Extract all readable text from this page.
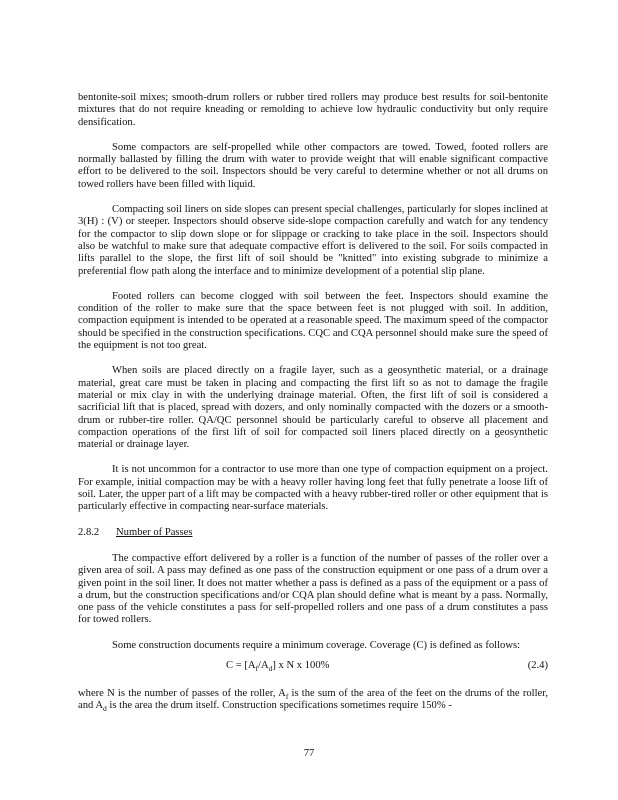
bentonite-soil mixes; smooth-drum rollers or rubber tired rollers may produce best results for soil-bentonite mixtures that do not require kneading or remolding to achieve low hydraulic conductivity but only require densification.

Some compactors are self-propelled while other compactors are towed. Towed, footed rollers are normally ballasted by filling the drum with water to provide weight that will enable significant compactive effort to be delivered to the soil. Inspectors should be very careful to determine whether or not all drums on towed rollers have been filled with liquid.

Compacting soil liners on side slopes can present special challenges, particularly for slopes inclined at 3(H) : (V) or steeper. Inspectors should observe side-slope compaction carefully and watch for any tendency for the compactor to slip down slope or for slippage or cracking to take place in the soil. Inspectors should also be watchful to make sure that adequate compactive effort is delivered to the soil. For soils compacted in lifts parallel to the slope, the first lift of soil should be "knitted" into existing subgrade to minimize a preferential flow path along the interface and to minimize development of a potential slip plane.

Footed rollers can become clogged with soil between the feet. Inspectors should examine the condition of the roller to make sure that the space between feet is not plugged with soil. In addition, compaction equipment is intended to be operated at a reasonable speed. The maximum speed of the compactor should be specified in the construction specifications. CQC and CQA personnel should make sure the speed of the equipment is not too great.

When soils are placed directly on a fragile layer, such as a geosynthetic material, or a drainage material, great care must be taken in placing and compacting the first lift so as not to damage the fragile material or mix clay in with the underlying drainage material. Often, the first lift of soil is considered a sacrificial lift that is placed, spread with dozers, and only nominally compacted with the dozers or a smooth-drum or rubber-tire roller. QA/QC personnel should be particularly careful to observe all placement and compaction operations of the first lift of soil for compacted soil liners placed directly on a geosynthetic material or drainage layer.

It is not uncommon for a contractor to use more than one type of compaction equipment on a project. For example, initial compaction may be with a heavy roller having long feet that fully penetrate a loose lift of soil. Later, the upper part of a lift may be compacted with a heavy rubber-tired roller or other equipment that is particularly effective in compacting near-surface materials.

2.8.2 Number of Passes

The compactive effort delivered by a roller is a function of the number of passes of the roller over a given area of soil. A pass may defined as one pass of the construction equipment or one pass of a drum over a given point in the soil liner. It does not matter whether a pass is defined as a pass of the equipment or a pass of a drum, but the construction specifications and/or CQA plan should define what is meant by a pass. Normally, one pass of the vehicle constitutes a pass for self-propelled rollers and one pass of a drum constitutes a pass for towed rollers.

Some construction documents require a minimum coverage. Coverage (C) is defined as follows:

$C = [A_f/A_d]$ x N x 100%	(2.4)

where N is the number of passes of the roller, $A_f$ is the sum of the area of the feet on the drums of the roller, and $A_d$ is the area the drum itself. Construction specifications sometimes require 150% -

77
